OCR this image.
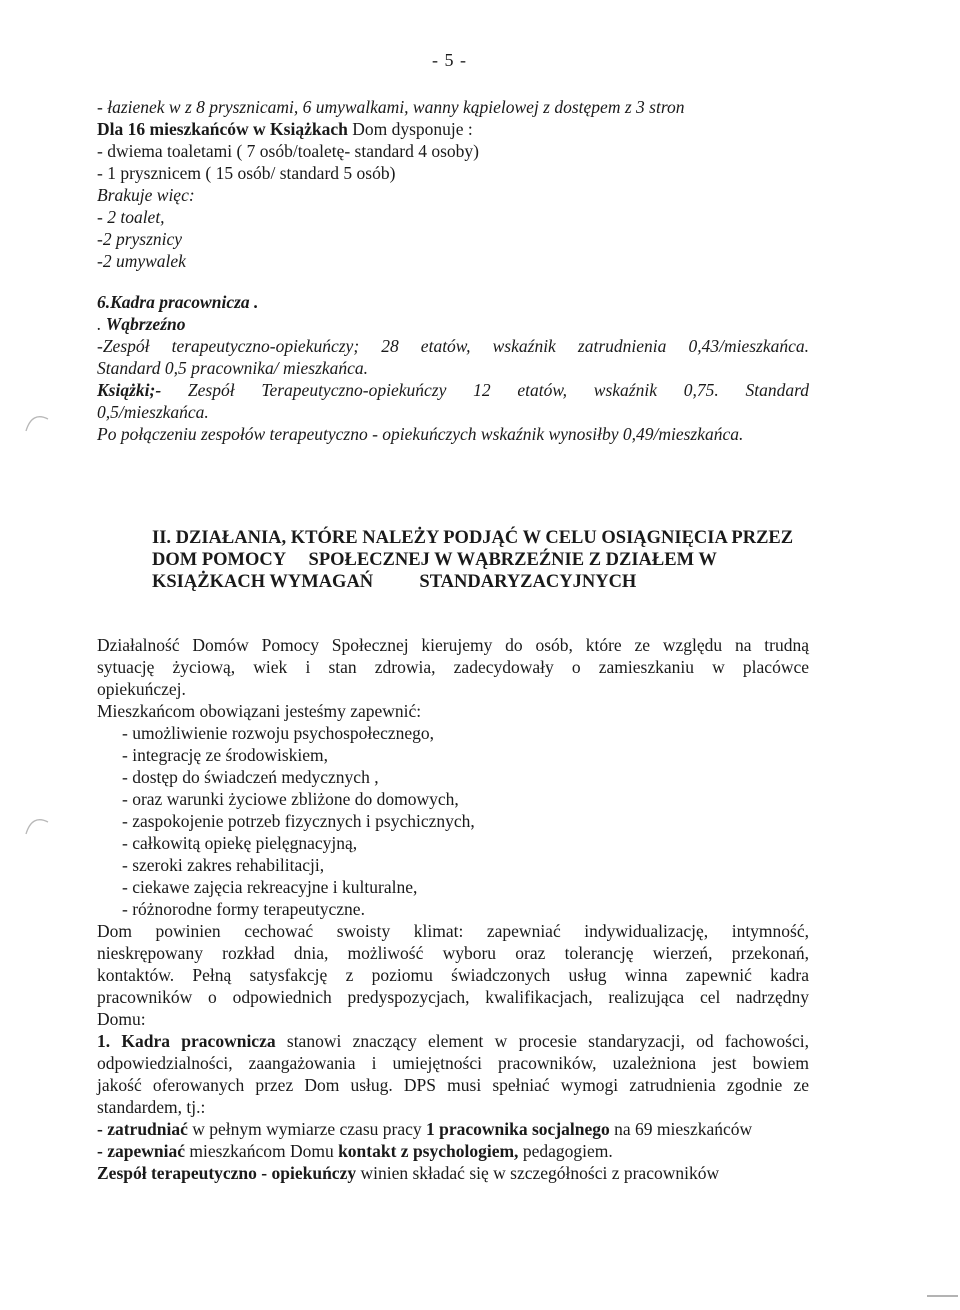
- 5 -
- łazienek w z 8 prysznicami, 6 umywalkami, wanny kąpielowej z dostępem z 3 stron
Dla 16 mieszkańców w Książkach Dom dysponuje :
- dwiema toaletami ( 7 osób/toaletę- standard 4 osoby)
- 1 prysznicem ( 15 osób/ standard 5 osób)
Brakuje więc:
- 2 toalet,
-2 prysznicy
-2 umywalek
6.Kadra pracownicza .
. Wąbrzeźno
-Zespół terapeutyczno-opiekuńczy; 28 etatów, wskaźnik zatrudnienia 0,43/mieszkańca.
Standard 0,5 pracownika/ mieszkańca.
Książki;- Zespół Terapeutyczno-opiekuńczy 12 etatów, wskaźnik 0,75. Standard
0,5/mieszkańca.
Po połączeniu zespołów terapeutyczno - opiekuńczych wskaźnik wynosiłby 0,49/mieszkańca.
II. DZIAŁANIA, KTÓRE NALEŻY PODJĄĆ W CELU OSIĄGNIĘCIA PRZEZ
DOM POMOCY     SPOŁECZNEJ W WĄBRZEŹNIE Z DZIAŁEM W
KSIĄŻKACH WYMAGAŃ          STANDARYZACYJNYCH
Działalność Domów Pomocy Społecznej kierujemy do osób, które ze względu na trudną
sytuację życiową, wiek i stan zdrowia, zadecydowały o zamieszkaniu w placówce
opiekuńczej.
Mieszkańcom obowiązani jesteśmy zapewnić:
- umożliwienie rozwoju psychospołecznego,
- integrację ze środowiskiem,
- dostęp do świadczeń medycznych ,
- oraz warunki życiowe zbliżone do domowych,
- zaspokojenie potrzeb fizycznych i psychicznych,
- całkowitą opiekę pielęgnacyjną,
- szeroki zakres rehabilitacji,
- ciekawe zajęcia rekreacyjne i kulturalne,
- różnorodne formy terapeutyczne.
Dom powinien cechować swoisty klimat: zapewniać indywidualizację, intymność,
nieskrępowany rozkład dnia, możliwość wyboru oraz tolerancję wierzeń, przekonań,
kontaktów. Pełną satysfakcję z poziomu świadczonych usług winna zapewnić kadra
pracowników o odpowiednich predyspozycjach, kwalifikacjach, realizująca cel nadrzędny
Domu:
1. Kadra pracownicza stanowi znaczący element w procesie standaryzacji, od fachowości,
odpowiedzialności, zaangażowania i umiejętności pracowników, uzależniona jest bowiem
jakość oferowanych przez Dom usług. DPS musi spełniać wymogi zatrudnienia zgodnie ze
standardem, tj.:
- zatrudniać w pełnym wymiarze czasu pracy 1 pracownika socjalnego na 69 mieszkańców
- zapewniać mieszkańcom Domu kontakt z psychologiem, pedagogiem.
Zespół terapeutyczno - opiekuńczy winien składać się w szczegółności z pracowników
